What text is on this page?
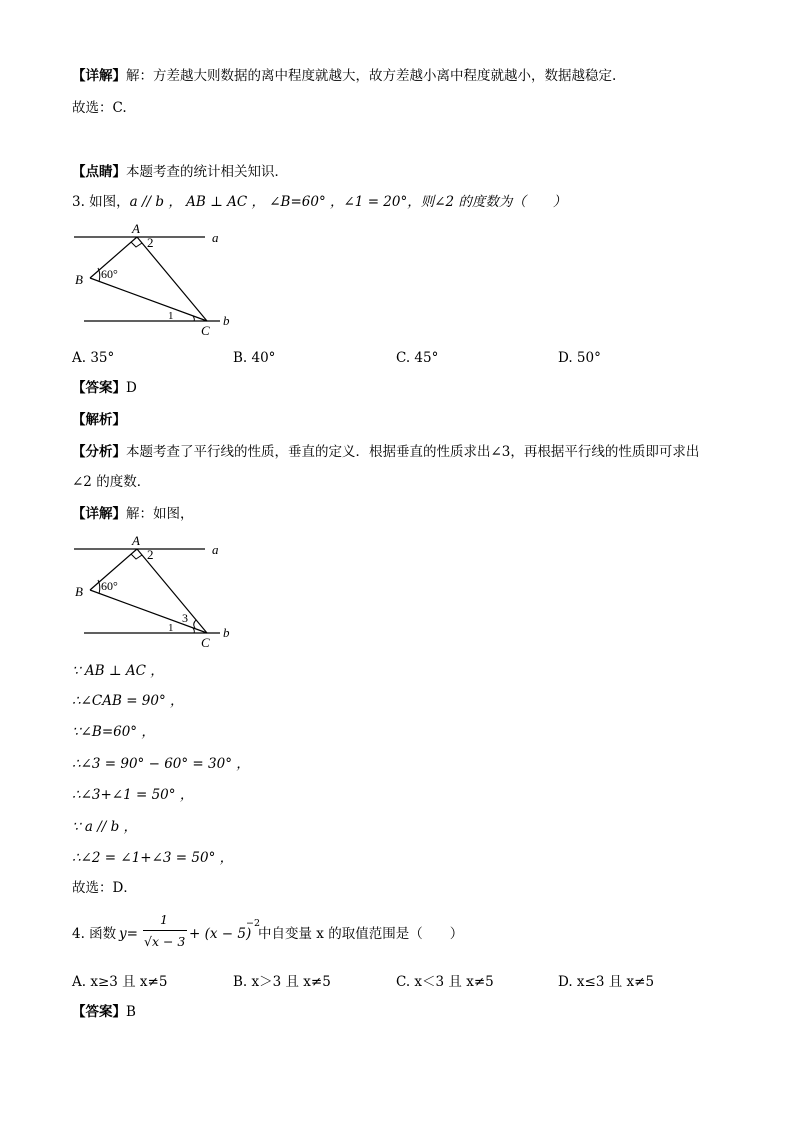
【详解】解：方差越大则数据的离中程度就越大，故方差越小离中程度就越小，数据越稳定.
故选：C.
【点睛】本题考查的统计相关知识．
3. 如图，a // b ， AB ⊥ AC ， ∠B=60° ，∠1 = 20°，则∠2 的度数为（　　）
A
2	a
B 60°
1
C
b
A. 35°	B. 40°	C. 45°	D. 50°
【答案】D
【解析】
【分析】本题考查了平行线的性质，垂直的定义．根据垂直的性质求出∠3，再根据平行线的性质即可求出
∠2 的度数．
【详解】解：如图，
A
2	a
B 60°
3
1
C
b
∵ AB ⊥ AC ，
∴∠CAB = 90° ，
∵∠B=60° ，
∴∠3 = 90° − 60° = 30° ，
∴∠3+∠1 = 50° ，
∵ a // b ，
∴∠2 = ∠1+∠3 = 50° ，
故选：D．
4. 函数 y=
1
√x − 3 + (x − 5)
−2
中自变量 x 的取值范围是（　　）
A. x≥3 且 x≠5	B. x＞3 且 x≠5	C. x＜3 且 x≠5	D. x≤3 且 x≠5
【答案】B
